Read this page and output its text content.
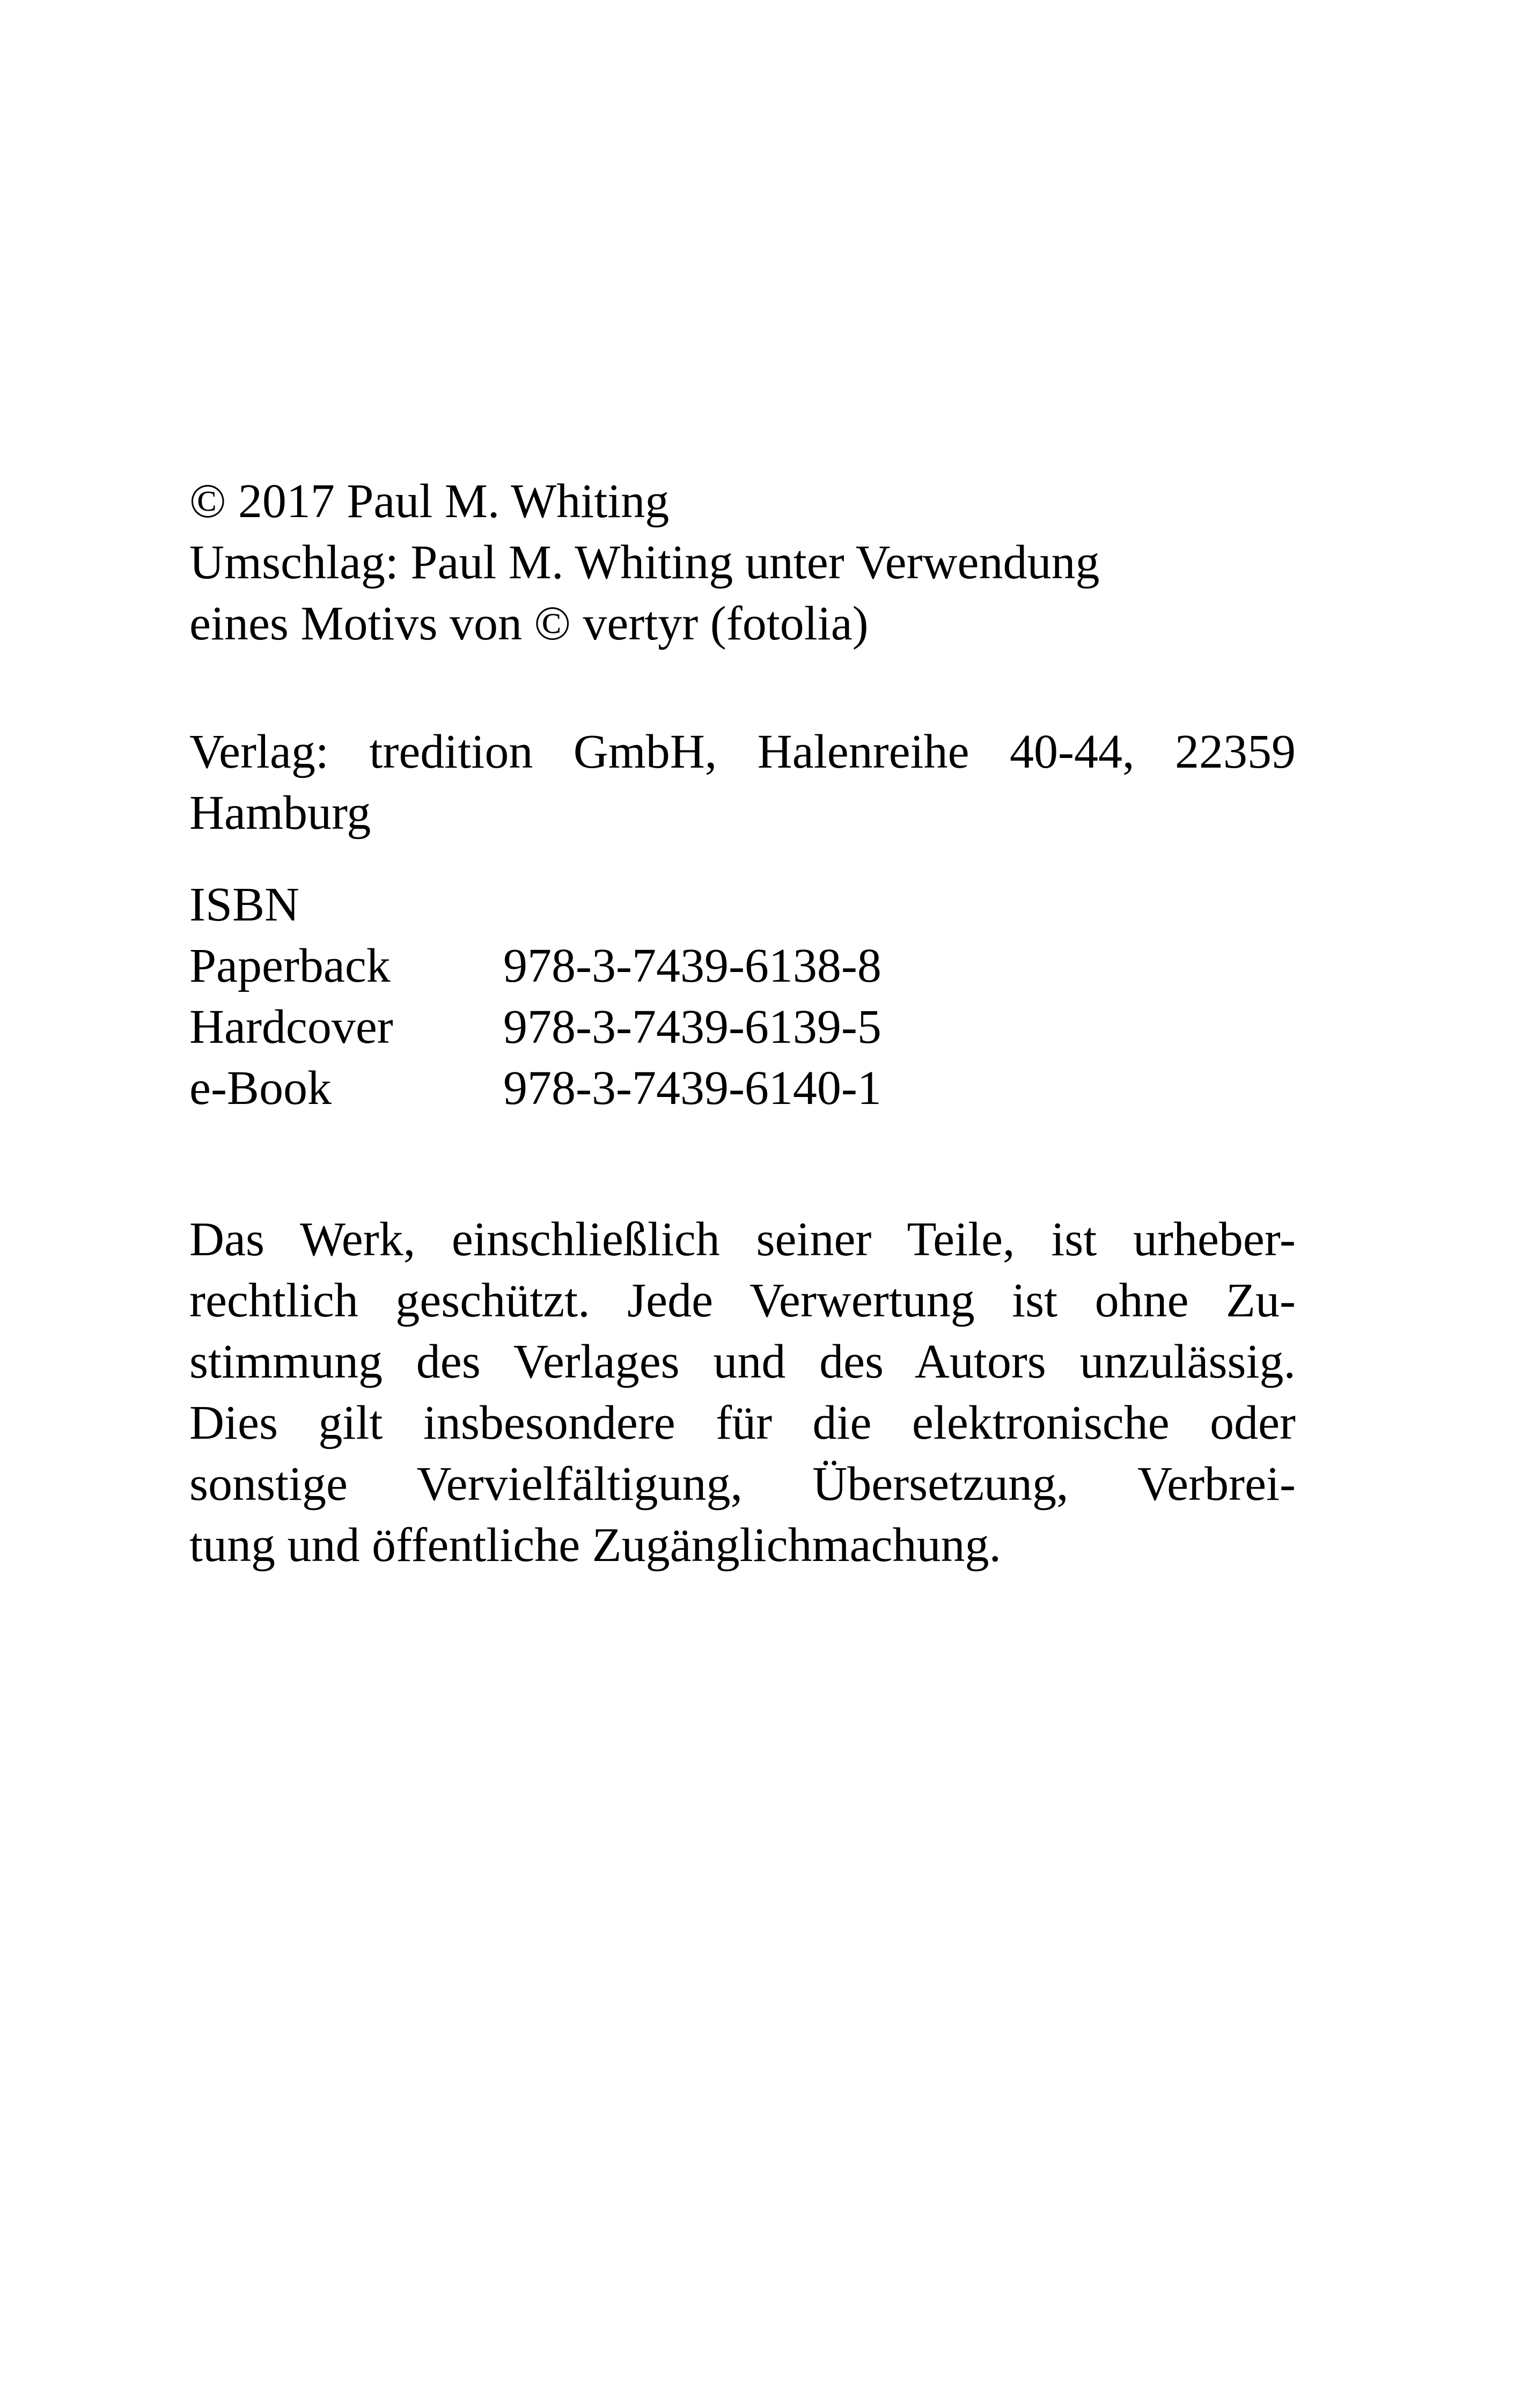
© 2017 Paul M. Whiting
Umschlag: Paul M. Whiting unter Verwendung
eines Motivs von © vertyr (fotolia)
Verlag: tredition GmbH, Halenreihe 40-44, 22359
Hamburg
ISBN
Paperback 978-3-7439-6138-8
Hardcover 978-3-7439-6139-5
e-Book	978-3-7439-6140-1
Das Werk, einschließlich seiner Teile, ist urheber-
rechtlich geschützt. Jede Verwertung ist ohne Zu-
stimmung des Verlages und des Autors unzulässig.
Dies gilt insbesondere für die elektronische oder
sonstige Vervielfältigung, Übersetzung, Verbrei-
tung und öffentliche Zugänglichmachung.
